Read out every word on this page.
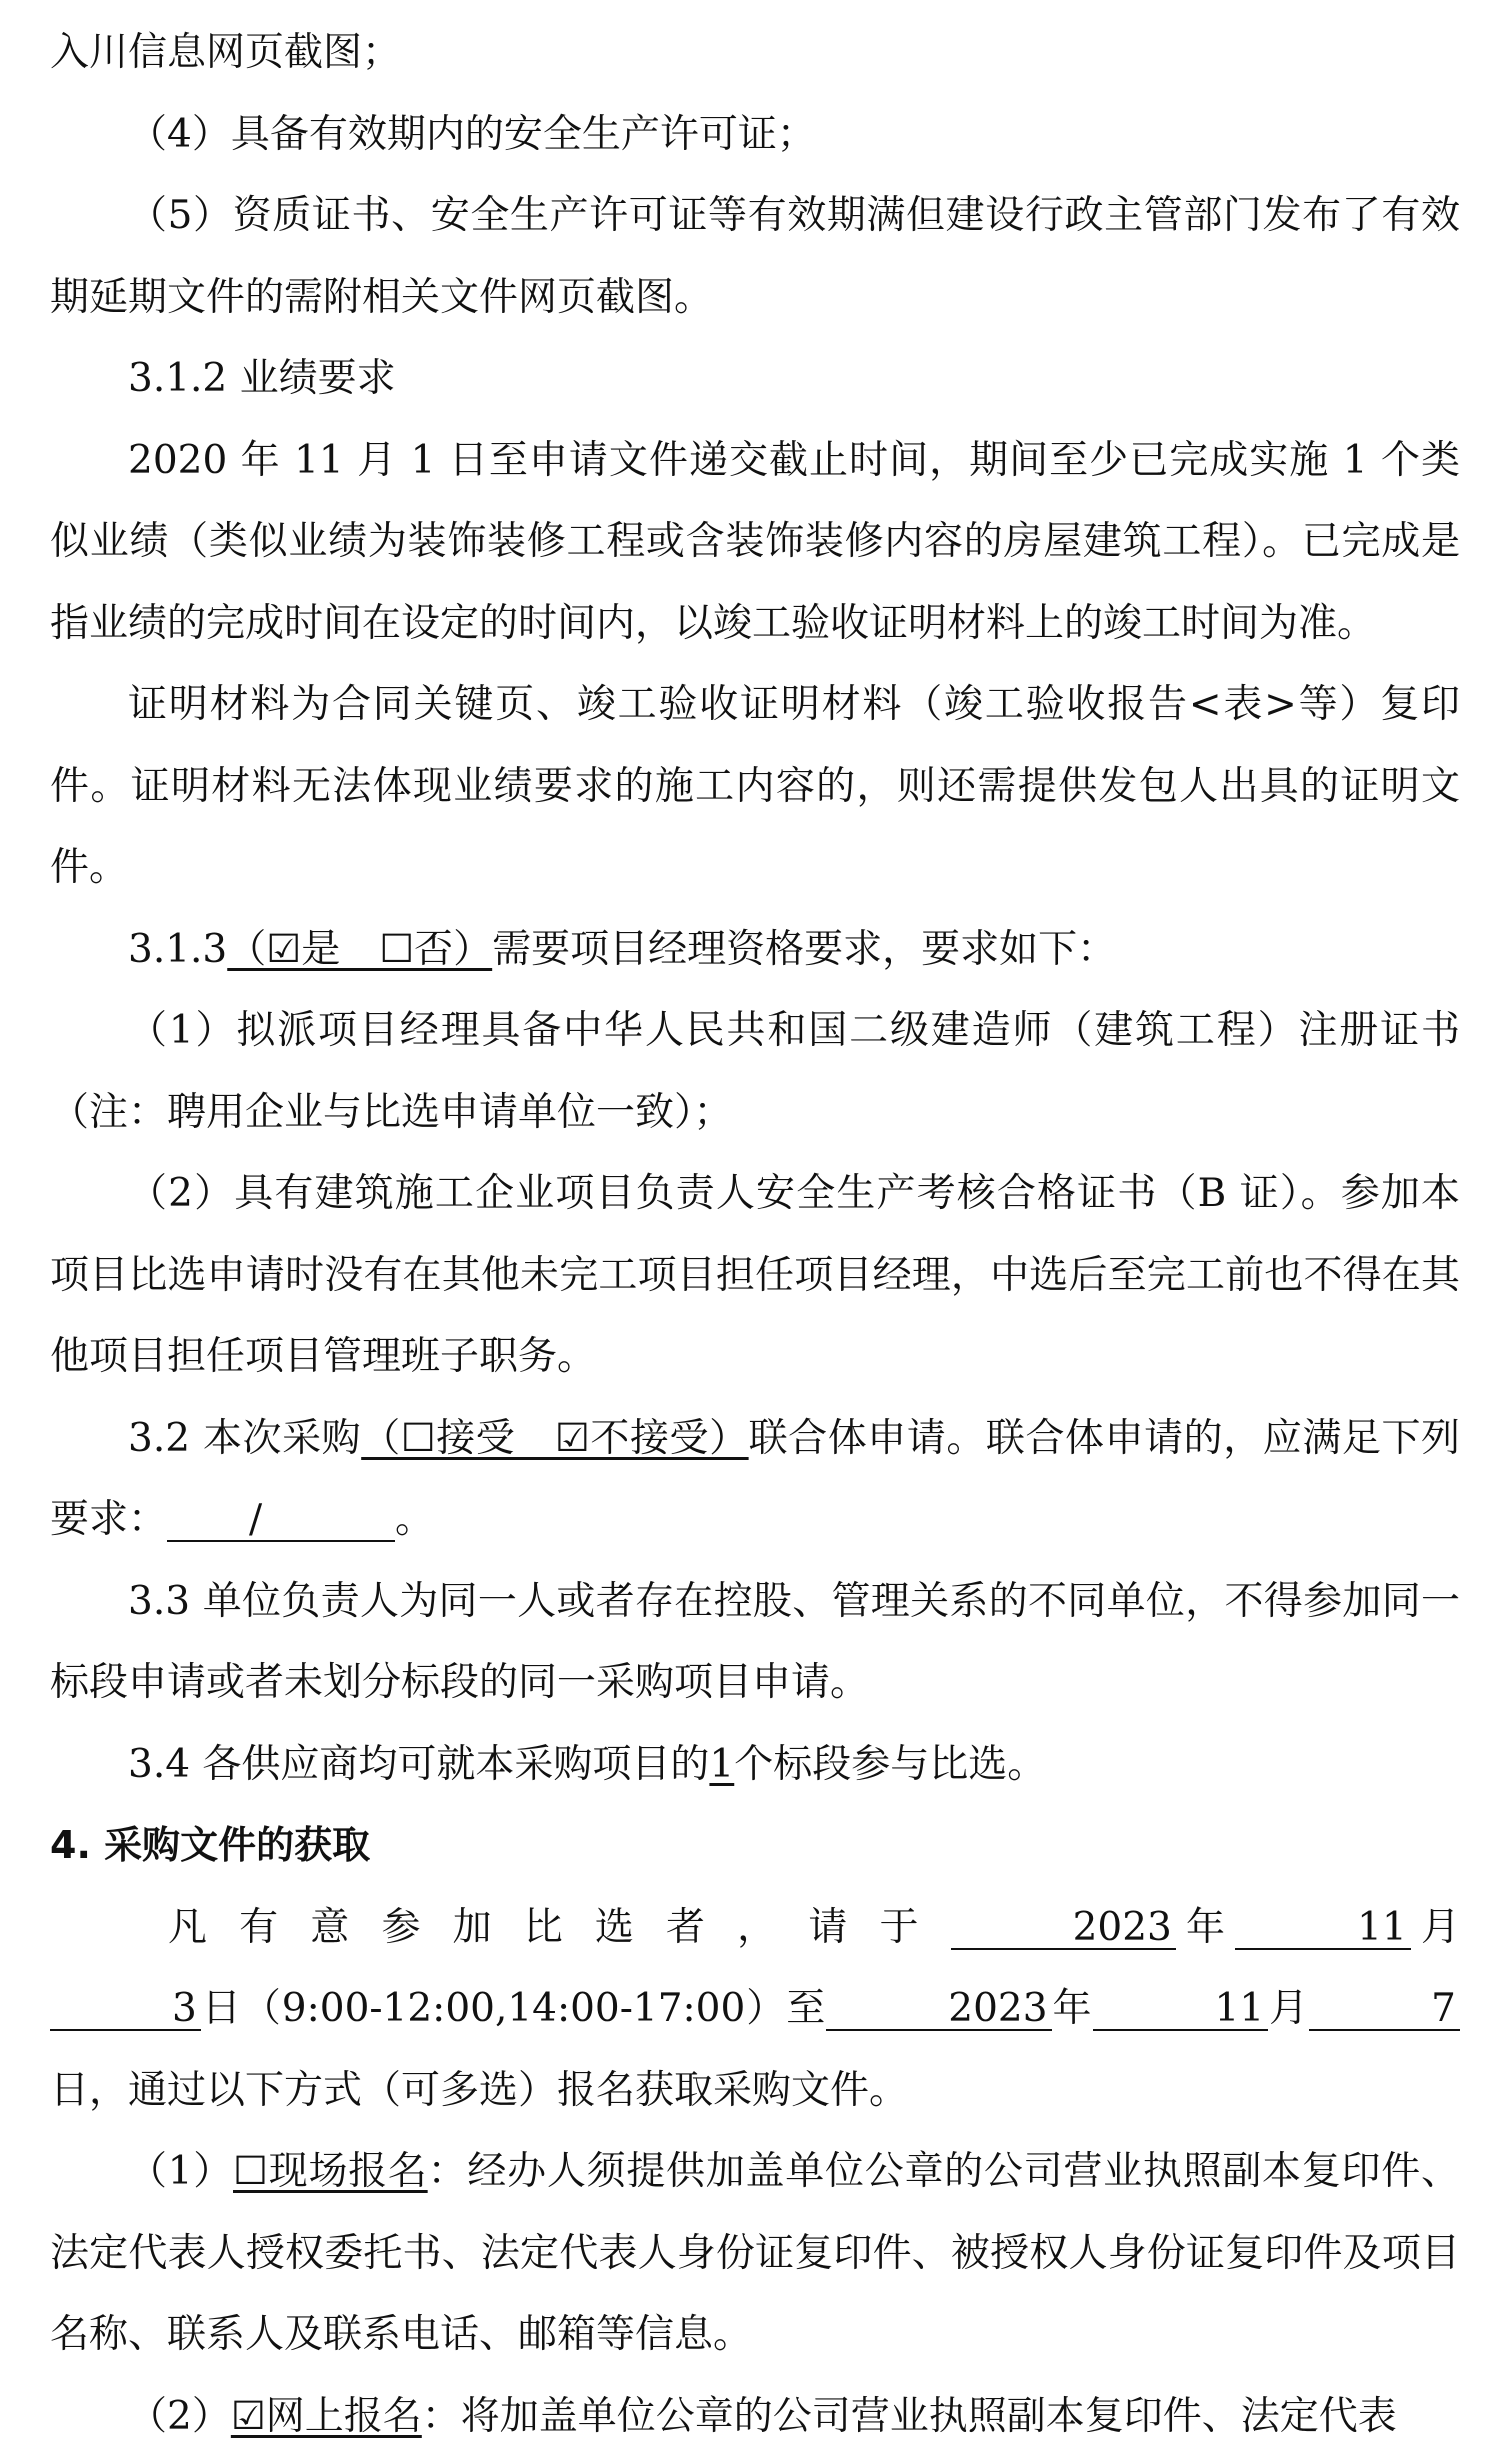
入川信息网页截图；

（4）具备有效期内的安全生产许可证；

（5）资质证书、安全生产许可证等有效期满但建设行政主管部门发布了有效期延期文件的需附相关文件网页截图。

3.1.2 业绩要求

2020 年 11 月 1 日至申请文件递交截止时间，期间至少已完成实施 1 个类似业绩（类似业绩为装饰装修工程或含装饰装修内容的房屋建筑工程）。已完成是指业绩的完成时间在设定的时间内，以竣工验收证明材料上的竣工时间为准。

证明材料为合同关键页、竣工验收证明材料（竣工验收报告<表>等）复印件。证明材料无法体现业绩要求的施工内容的，则还需提供发包人出具的证明文件。

3.1.3（☑是　☐否）需要项目经理资格要求，要求如下：

（1）拟派项目经理具备中华人民共和国二级建造师（建筑工程）注册证书（注：聘用企业与比选申请单位一致）；

（2）具有建筑施工企业项目负责人安全生产考核合格证书（B 证）。参加本项目比选申请时没有在其他未完工项目担任项目经理，中选后至完工前也不得在其他项目担任项目管理班子职务。

3.2 本次采购（☐接受　☑不接受）联合体申请。联合体申请的，应满足下列要求： /	。

3.3 单位负责人为同一人或者存在控股、管理关系的不同单位，不得参加同一标段申请或者未划分标段的同一采购项目申请。

3.4 各供应商均可就本采购项目的1个标段参与比选。

4. 采购文件的获取

凡有意参加比选者，请于	2023 年	11 月3 日（9:00-12:00,14:00-17:00）至	2023 年	11 月	7日，通过以下方式（可多选）报名获取采购文件。

（1）☐现场报名：经办人须提供加盖单位公章的公司营业执照副本复印件、法定代表人授权委托书、法定代表人身份证复印件、被授权人身份证复印件及项目名称、联系人及联系电话、邮箱等信息。

（2）☑网上报名：将加盖单位公章的公司营业执照副本复印件、法定代表
